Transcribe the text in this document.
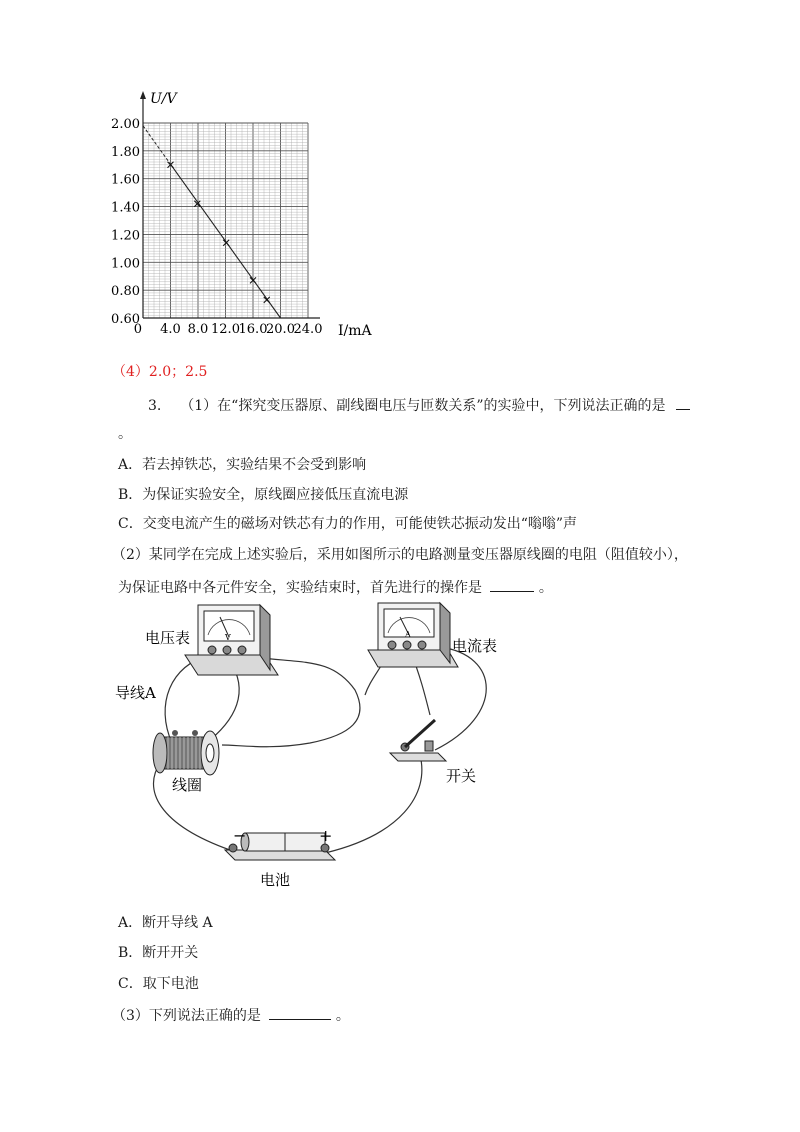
2.00
1.80
1.60
1.40
1.20
1.00
0.80
0.60
0 4.0 8.0 12.0
16.0
20.0
24.0
U/V
I/mA
（4）2.0；2.5
3. （1）在“探究变压器原、副线圈电压与匝数关系”的实验中，下列说法正确的是
。
A．若去掉铁芯，实验结果不会受到影响
B．为保证实验安全，原线圈应接低压直流电源
C．交变电流产生的磁场对铁芯有力的作用，可能使铁芯振动发出“嗡嗡”声
（2）某同学在完成上述实验后，采用如图所示的电路测量变压器原线圈的电阻（阻值较小），
为保证电路中各元件安全，实验结束时，首先进行的操作是	。
V	A
−	+
电压表	电流表
导线A
线圈	开关
电池
A．断开导线 A
B．断开开关
C．取下电池
（3）下列说法正确的是	。
